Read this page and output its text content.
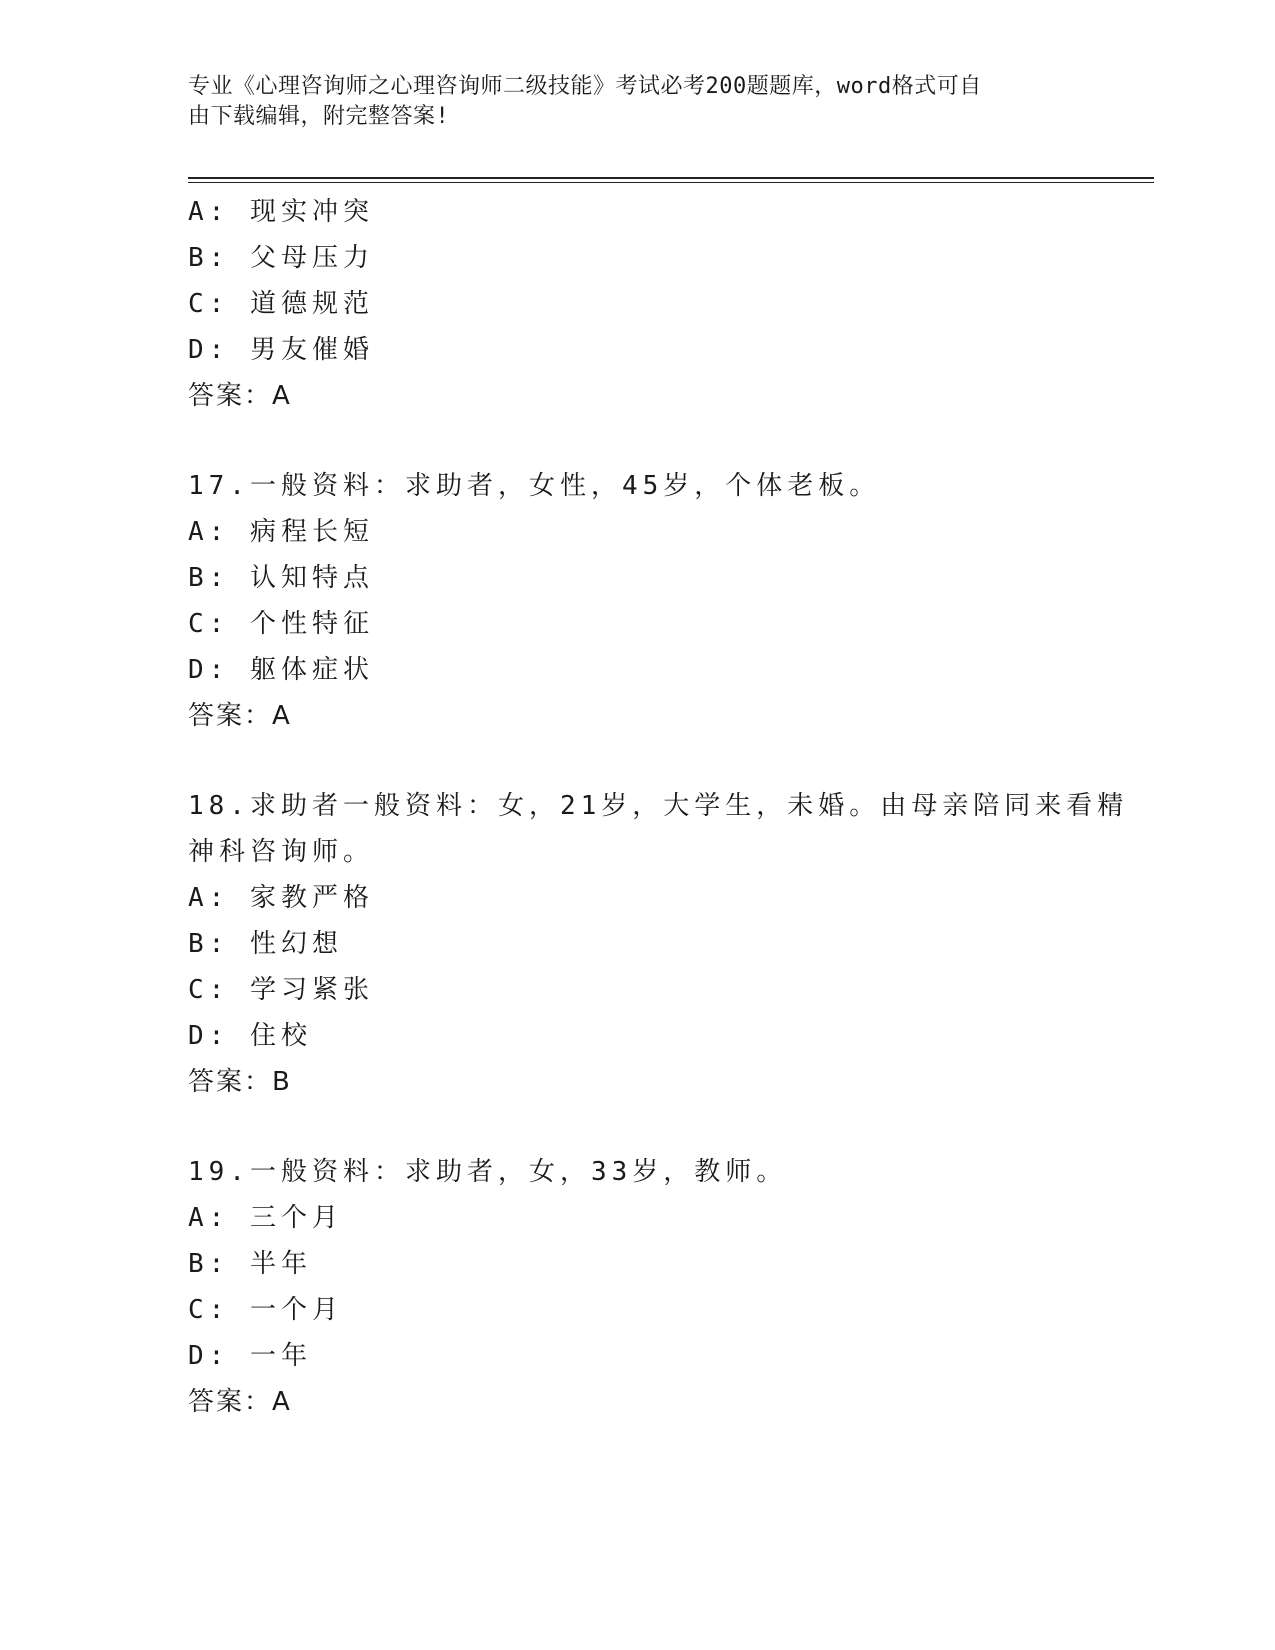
专业《心理咨询师之心理咨询师二级技能》考试必考200题题库，word格式可自
由下载编辑，附完整答案!
A: 现实冲突
B: 父母压力
C: 道德规范
D: 男友催婚
答案：A
17.一般资料：求助者，女性，45岁，个体老板。
A: 病程长短
B: 认知特点
C: 个性特征
D: 躯体症状
答案：A
18.求助者一般资料：女，21岁，大学生，未婚。由母亲陪同来看精神科咨询师。
A: 家教严格
B: 性幻想
C: 学习紧张
D: 住校
答案：B
19.一般资料：求助者，女，33岁，教师。
A: 三个月
B: 半年
C: 一个月
D: 一年
答案：A
